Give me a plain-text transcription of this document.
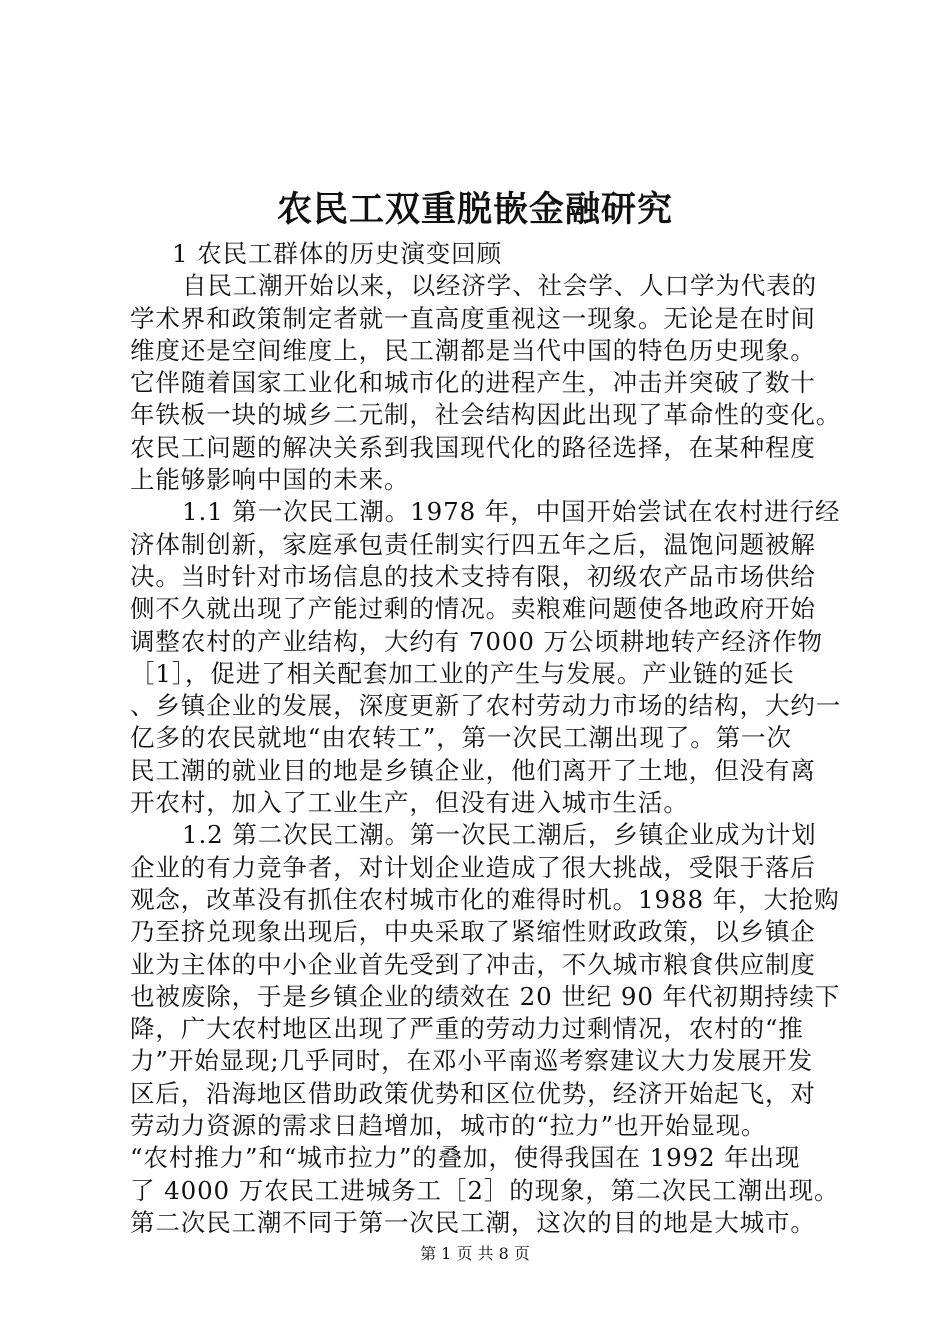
农民工双重脱嵌金融研究
1 农民工群体的历史演变回顾
自民工潮开始以来，以经济学、社会学、人口学为代表的
学术界和政策制定者就一直高度重视这一现象。无论是在时间
维度还是空间维度上，民工潮都是当代中国的特色历史现象。
它伴随着国家工业化和城市化的进程产生，冲击并突破了数十
年铁板一块的城乡二元制，社会结构因此出现了革命性的变化。
农民工问题的解决关系到我国现代化的路径选择，在某种程度
上能够影响中国的未来。
1.1 第一次民工潮。1978 年，中国开始尝试在农村进行经
济体制创新，家庭承包责任制实行四五年之后，温饱问题被解
决。当时针对市场信息的技术支持有限，初级农产品市场供给
侧不久就出现了产能过剩的情况。卖粮难问题使各地政府开始
调整农村的产业结构，大约有 7000 万公顷耕地转产经济作物
［1］，促进了相关配套加工业的产生与发展。产业链的延长
、乡镇企业的发展，深度更新了农村劳动力市场的结构，大约一
亿多的农民就地“由农转工”，第一次民工潮出现了。第一次
民工潮的就业目的地是乡镇企业，他们离开了土地，但没有离
开农村，加入了工业生产，但没有进入城市生活。
1.2 第二次民工潮。第一次民工潮后，乡镇企业成为计划
企业的有力竞争者，对计划企业造成了很大挑战，受限于落后
观念，改革没有抓住农村城市化的难得时机。1988 年，大抢购
乃至挤兑现象出现后，中央采取了紧缩性财政政策，以乡镇企
业为主体的中小企业首先受到了冲击，不久城市粮食供应制度
也被废除，于是乡镇企业的绩效在 20 世纪 90 年代初期持续下
降，广大农村地区出现了严重的劳动力过剩情况，农村的“推
力”开始显现;几乎同时，在邓小平南巡考察建议大力发展开发
区后，沿海地区借助政策优势和区位优势，经济开始起飞，对
劳动力资源的需求日趋增加，城市的“拉力”也开始显现。
“农村推力”和“城市拉力”的叠加，使得我国在 1992 年出现
了 4000 万农民工进城务工［2］的现象，第二次民工潮出现。
第二次民工潮不同于第一次民工潮，这次的目的地是大城市。
第 1 页 共 8 页
